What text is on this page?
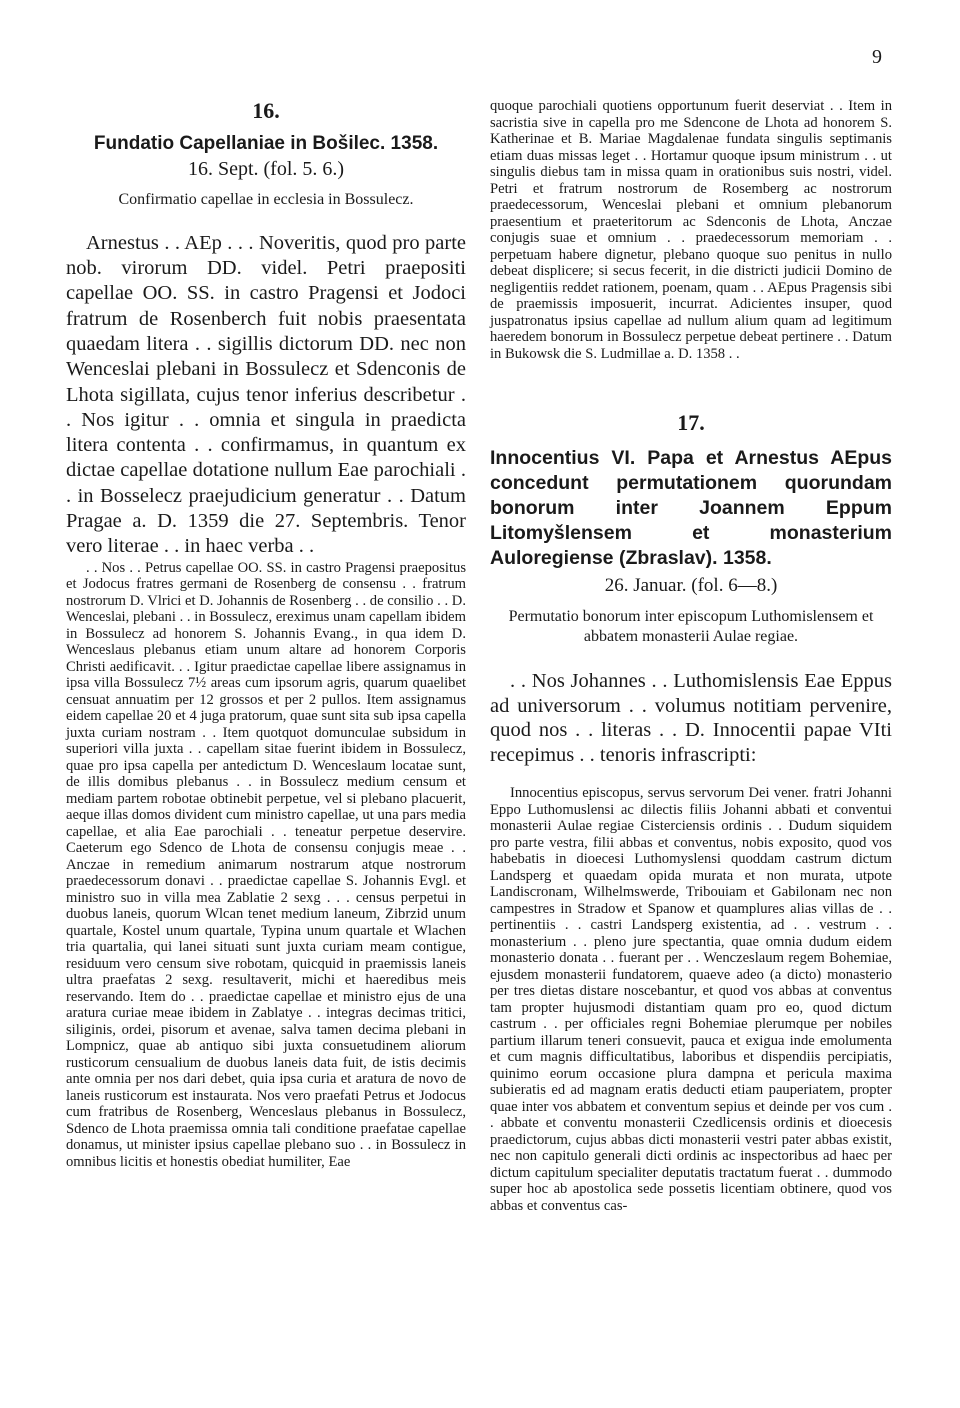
9
16.
Fundatio Capellaniae in Bošilec. 1358.
16. Sept. (fol. 5. 6.)
Confirmatio capellae in ecclesia in Bossulecz.

Arnestus . . AEp . . . Noveritis, quod pro parte nob. virorum DD. videl. Petri praepositi capellae OO. SS. in castro Pragensi et Jodoci fratrum de Rosenberch fuit nobis praesentata quaedam litera . . sigillis dictorum DD. nec non Wenceslai plebani in Bossulecz et Sdenconis de Lhota sigillata, cujus tenor inferius describetur . . Nos igitur . . omnia et singula in praedicta litera contenta . . confirmamus, in quantum ex dictae capellae dotatione nullum Eae parochiali . . in Bosselecz praejudicium generatur . . Datum Pragae a. D. 1359 die 27. Septembris. Tenor vero literae . . in haec verba . .

. . Nos . . Petrus capellae OO. SS. in castro Pragensi praepositus et Jodocus fratres germani de Rosenberg de consensu . . fratrum nostrorum D. Vlrici et D. Johannis de Rosenberg . . de consilio . . D. Wenceslai, plebani . . in Bossulecz, ereximus unam capellam ibidem in Bossulecz ad honorem S. Johannis Evang., in qua idem D. Wenceslaus plebanus etiam unum altare ad honorem Corporis Christi aedificavit. . . Igitur praedictae capellae libere assignamus in ipsa villa Bossulecz 7½ areas cum ipsorum agris, quarum quaelibet censuat annuatim per 12 grossos et per 2 pullos. Item assignamus eidem capellae 20 et 4 juga pratorum, quae sunt sita sub ipsa capella juxta curiam nostram . . Item quotquot domunculae subsidum in superiori villa juxta . . capellam sitae fuerint ibidem in Bossulecz, quae pro ipsa capella per antedictum D. Wenceslaum locatae sunt, de illis domibus plebanus . . in Bossulecz medium censum et mediam partem robotae obtinebit perpetue, vel si plebano placuerit, aeque illas domos divident cum ministro capellae, ut una pars media capellae, et alia Eae parochiali . . teneatur perpetue deservire. Caeterum ego Sdenco de Lhota de consensu conjugis meae . . Anczae in remedium animarum nostrarum atque nostrorum praedecessorum donavi . . praedictae capellae S. Johannis Evgl. et ministro suo in villa mea Zablatie 2 sexg . . . census perpetui in duobus laneis, quorum Wlcan tenet medium laneum, Zibrzid unum quartale, Kostel unum quartale, Typina unum quartale et Wlachen tria quartalia, qui lanei situati sunt juxta curiam meam contigue, residuum vero censum sive robotam, quicquid in praemissis laneis ultra praefatas 2 sexg. resultaverit, michi et haeredibus meis reservando. Item do . . praedictae capellae et ministro ejus de una aratura curiae meae ibidem in Zablatye . . integras decimas tritici, siliginis, ordei, pisorum et avenae, salva tamen decima plebani in Lompnicz, quae ab antiquo sibi juxta consuetudinem aliorum rusticorum censualium de duobus laneis data fuit, de istis decimis ante omnia per nos dari debet, quia ipsa curia et aratura de novo de laneis rusticorum est instaurata. Nos vero praefati Petrus et Jodocus cum fratribus de Rosenberg, Wenceslaus plebanus in Bossulecz, Sdenco de Lhota praemissa omnia tali conditione praefatae capellae donamus, ut minister ipsius capellae plebano suo . . in Bossulecz in omnibus licitis et honestis obediat humiliter, Eae

quoque parochiali quotiens opportunum fuerit deserviat . . Item in sacristia sive in capella pro me Sdencone de Lhota ad honorem S. Katherinae et B. Mariae Magdalenae fundata singulis septimanis etiam duas missas leget . . Hortamur quoque ipsum ministrum . . ut singulis diebus tam in missa quam in orationibus suis nostri, videl. Petri et fratrum nostrorum de Rosemberg ac nostrorum praedecessorum, Wenceslai plebani et omnium plebanorum praesentium et praeteritorum ac Sdenconis de Lhota, Anczae conjugis suae et omnium . . praedecessorum memoriam . . perpetuam habere dignetur, plebano quoque suo penitus in nullo debeat displicere; si secus fecerit, in die districti judicii Domino de negligentiis reddet rationem, poenam, quam . . AEpus Pragensis sibi de praemissis imposuerit, incurrat. Adicientes insuper, quod juspatronatus ipsius capellae ad nullum alium quam ad legitimum haeredem bonorum in Bossulecz perpetue debeat pertinere . . Datum in Bukowsk die S. Ludmillae a. D. 1358 . .

17.
Innocentius VI. Papa et Arnestus AEpus concedunt permutationem quorundam bonorum inter Joannem Eppum Litomyšlensem et monasterium Auloregiense (Zbraslav). 1358.
26. Januar. (fol. 6—8.)
Permutatio bonorum inter episcopum Luthomislensem et abbatem monasterii Aulae regiae.

. . Nos Johannes . . Luthomislensis Eae Eppus ad universorum . . volumus notitiam pervenire, quod nos . . literas . . D. Innocentii papae VIti recepimus . . tenoris infrascripti:

Innocentius episcopus, servus servorum Dei vener. fratri Johanni Eppo Luthomuslensi ac dilectis filiis Johanni abbati et conventui monasterii Aulae regiae Cisterciensis ordinis . . Dudum siquidem pro parte vestra, filii abbas et conventus, nobis exposito, quod vos habebatis in dioecesi Luthomyslensi quoddam castrum dictum Landsperg et quaedam opida murata et non murata, utpote Landiscronam, Wilhelmswerde, Tribouiam et Gabilonam nec non campestres in Stradow et Spanow et quamplures alias villas de . . pertinentiis . . castri Landsperg existentia, ad . . vestrum . . monasterium . . pleno jure spectantia, quae omnia dudum eidem monasterio donata . . fuerant per . . Wenczeslaum regem Bohemiae, ejusdem monasterii fundatorem, quaeve adeo (a dicto) monasterio per tres dietas distare noscebantur, et quod vos abbas at conventus tam propter hujusmodi distantiam quam pro eo, quod dictum castrum . . per officiales regni Bohemiae plerumque per nobiles partium illarum teneri consuevit, pauca et exigua inde emolumenta et cum magnis difficultatibus, laboribus et dispendiis percipiatis, quinimo eorum occasione plura dampna et pericula maxima subieratis ed ad magnam eratis deducti etiam pauperiatem, propter quae inter vos abbatem et conventum sepius et deinde per vos cum . . abbate et conventu monasterii Czedlicensis ordinis et dioecesis praedictorum, cujus abbas dicti monasterii vestri pater abbas existit, nec non capitulo generali dicti ordinis ac inspectoribus ad haec per dictum capitulum specialiter deputatis tractatum fuerat . . dummodo super hoc ab apostolica sede possetis licentiam obtinere, quod vos abbas et conventus cas-
